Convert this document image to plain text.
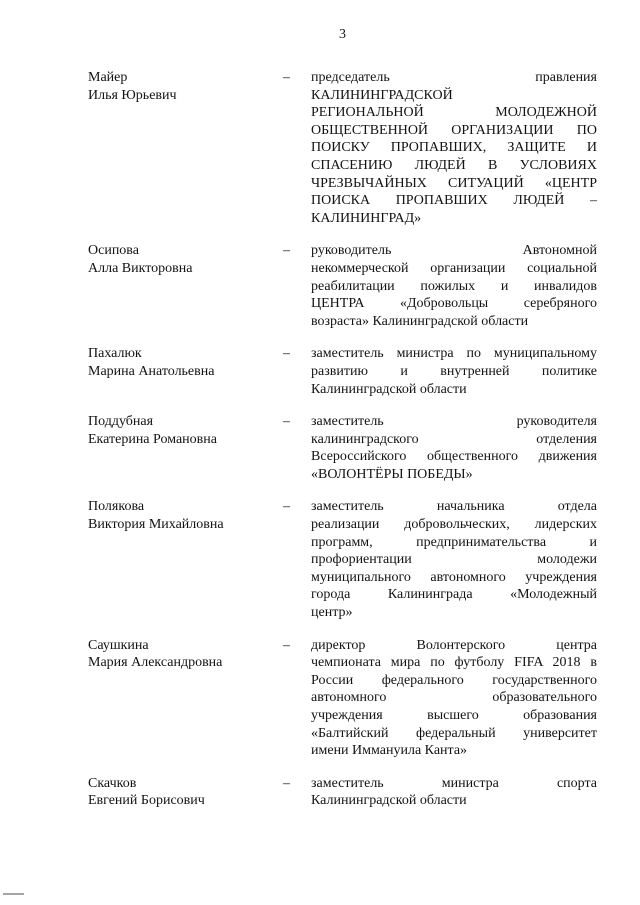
3
Майер
Илья Юрьевич
–	председатель правления
КАЛИНИНГРАДСКОЙ
РЕГИОНАЛЬНОЙ МОЛОДЕЖНОЙ
ОБЩЕСТВЕННОЙ ОРГАНИЗАЦИИ ПО
ПОИСКУ ПРОПАВШИХ, ЗАЩИТЕ И
СПАСЕНИЮ ЛЮДЕЙ В УСЛОВИЯХ
ЧРЕЗВЫЧАЙНЫХ СИТУАЦИЙ «ЦЕНТР
ПОИСКА ПРОПАВШИХ ЛЮДЕЙ –
КАЛИНИНГРАД»
Осипова
Алла Викторовна
–	руководитель Автономной
некоммерческой организации социальной
реабилитации пожилых и инвалидов
ЦЕНТРА «Добровольцы серебряного
возраста» Калининградской области
Пахалюк
Марина Анатольевна
–	заместитель министра по муниципальному
развитию и внутренней политике
Калининградской области
Поддубная
Екатерина Романовна
–	заместитель руководителя
калининградского отделения
Всероссийского общественного движения
«ВОЛОНТЁРЫ ПОБЕДЫ»
Полякова
Виктория Михайловна
–	заместитель начальника отдела
реализации добровольческих, лидерских
программ, предпринимательства и
профориентации молодежи
муниципального автономного учреждения
города Калининграда «Молодежный
центр»
Саушкина
Мария Александровна
–	директор Волонтерского центра
чемпионата мира по футболу FIFA 2018 в
России федерального государственного
автономного образовательного
учреждения высшего образования
«Балтийский федеральный университет
имени Иммануила Канта»
Скачков
Евгений Борисович
–	заместитель министра спорта
Калининградской области
